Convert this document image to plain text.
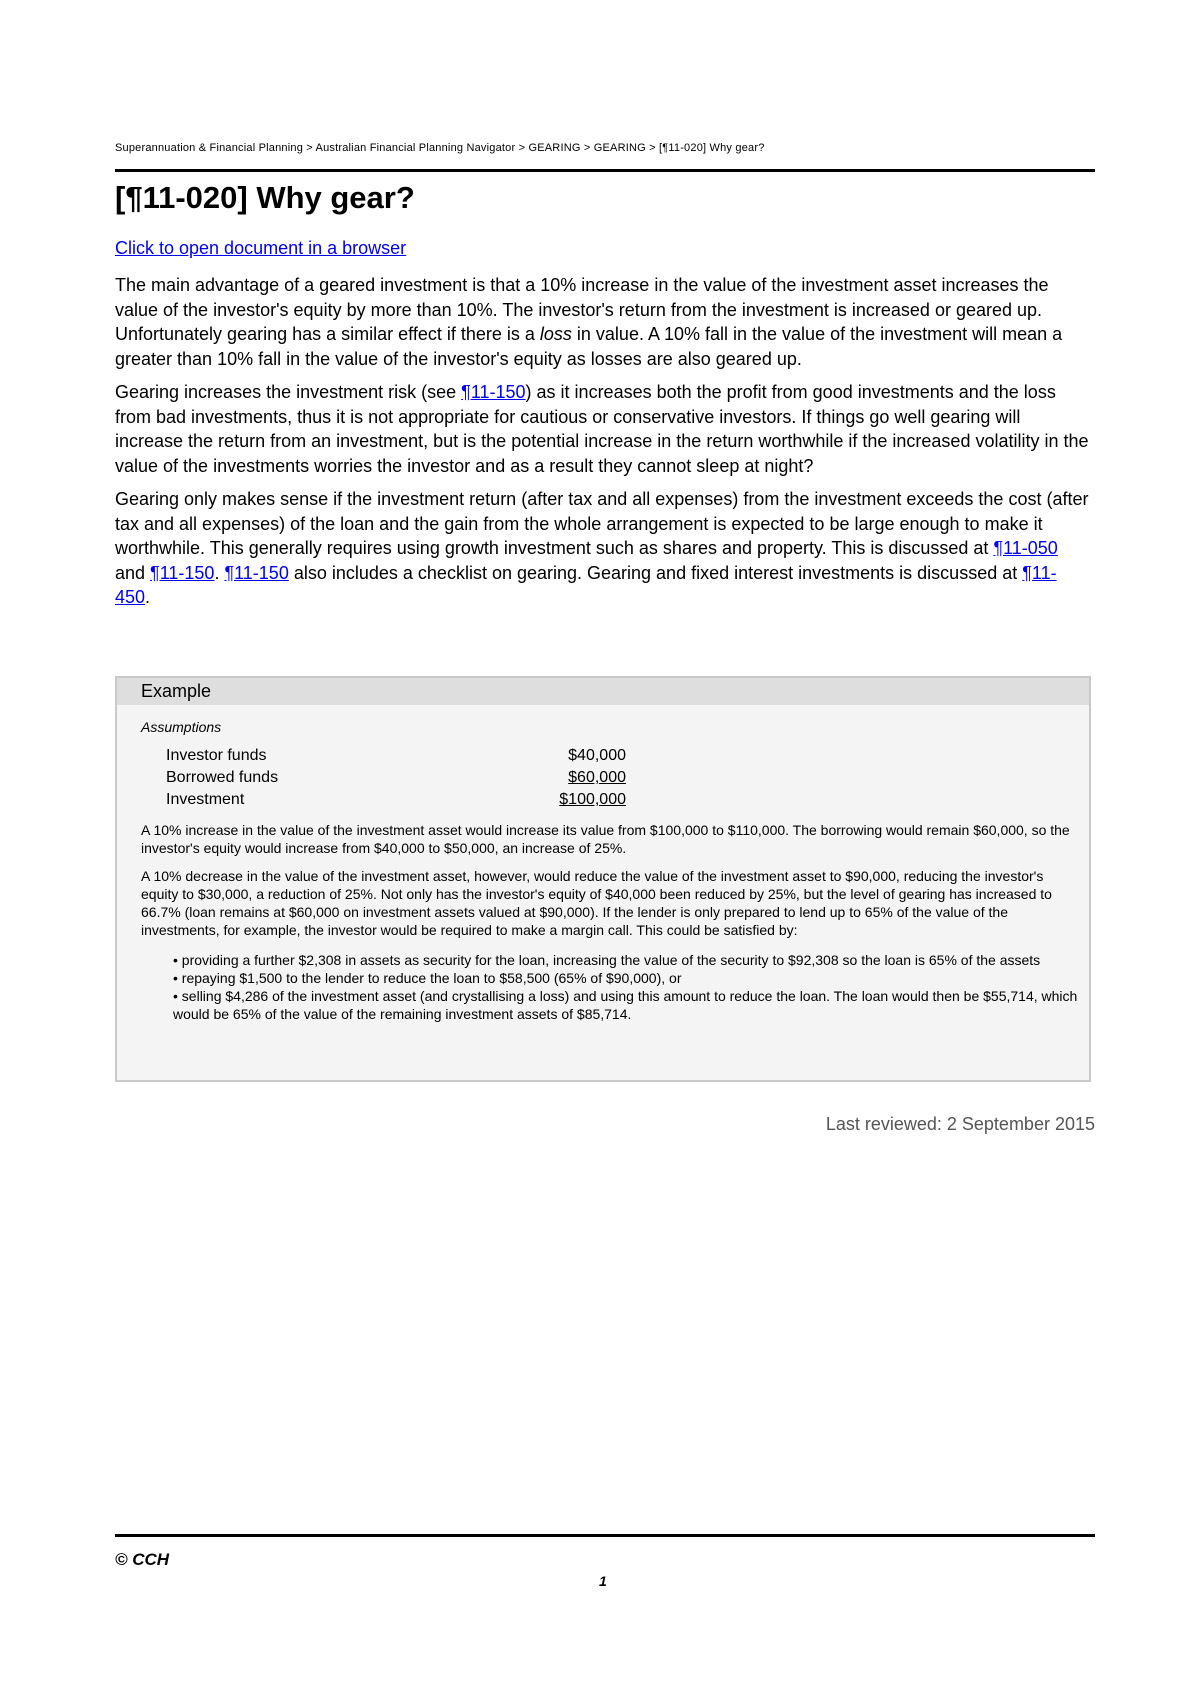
Superannuation & Financial Planning > Australian Financial Planning Navigator > GEARING > GEARING > [¶11-020] Why gear?
[¶11-020] Why gear?
Click to open document in a browser

The main advantage of a geared investment is that a 10% increase in the value of the investment asset increases the value of the investor's equity by more than 10%. The investor's return from the investment is increased or geared up. Unfortunately gearing has a similar effect if there is a loss in value. A 10% fall in the value of the investment will mean a greater than 10% fall in the value of the investor's equity as losses are also geared up.

Gearing increases the investment risk (see ¶11-150) as it increases both the profit from good investments and the loss from bad investments, thus it is not appropriate for cautious or conservative investors. If things go well gearing will increase the return from an investment, but is the potential increase in the return worthwhile if the increased volatility in the value of the investments worries the investor and as a result they cannot sleep at night?

Gearing only makes sense if the investment return (after tax and all expenses) from the investment exceeds the cost (after tax and all expenses) of the loan and the gain from the whole arrangement is expected to be large enough to make it worthwhile. This generally requires using growth investment such as shares and property. This is discussed at ¶11-050 and ¶11-150. ¶11-150 also includes a checklist on gearing. Gearing and fixed interest investments is discussed at ¶11-450.

Example
Assumptions
Investor funds	$40,000
Borrowed funds	$60,000
Investment	$100,000

A 10% increase in the value of the investment asset would increase its value from $100,000 to $110,000. The borrowing would remain $60,000, so the investor's equity would increase from $40,000 to $50,000, an increase of 25%.

A 10% decrease in the value of the investment asset, however, would reduce the value of the investment asset to $90,000, reducing the investor's equity to $30,000, a reduction of 25%. Not only has the investor's equity of $40,000 been reduced by 25%, but the level of gearing has increased to 66.7% (loan remains at $60,000 on investment assets valued at $90,000). If the lender is only prepared to lend up to 65% of the value of the investments, for example, the investor would be required to make a margin call. This could be satisfied by:

• providing a further $2,308 in assets as security for the loan, increasing the value of the security to $92,308 so the loan is 65% of the assets
• repaying $1,500 to the lender to reduce the loan to $58,500 (65% of $90,000), or
• selling $4,286 of the investment asset (and crystallising a loss) and using this amount to reduce the loan. The loan would then be $55,714, which would be 65% of the value of the remaining investment assets of $85,714.
Last reviewed: 2 September 2015
© CCH
1
